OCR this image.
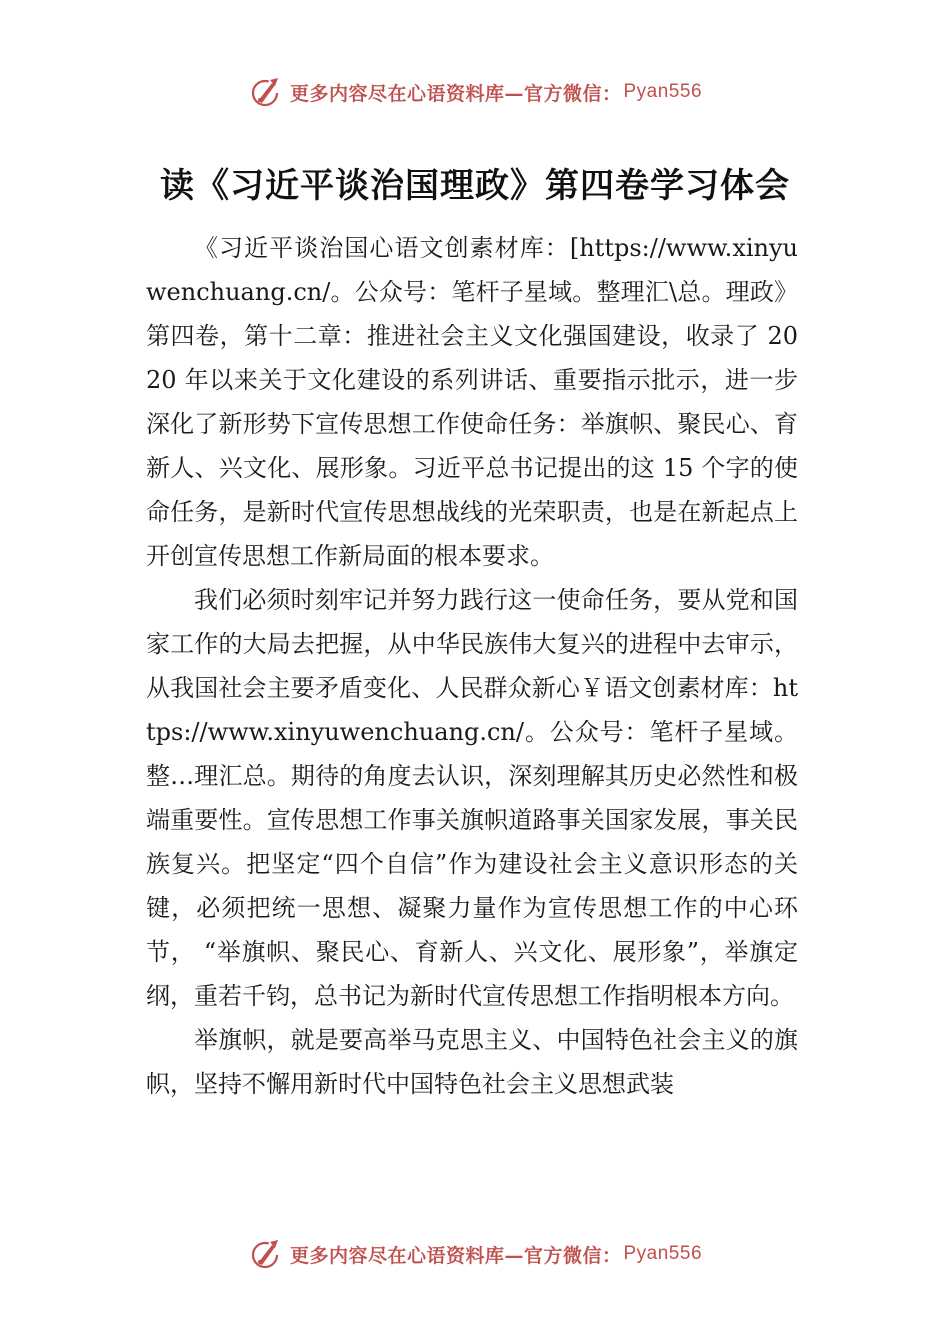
更多内容尽在心语资料库—官方微信： Pyan556
读《习近平谈治国理政》第四卷学习体会

《习近平谈治国心语文创素材库：[https://www.xinyuwenchuang.cn/。公众号：笔杆子星域。整理汇\总。理政》第四卷，第十二章：推进社会主义文化强国建设，收录了 2020 年以来关于文化建设的系列讲话、重要指示批示，进一步深化了新形势下宣传思想工作使命任务：举旗帜、聚民心、育新人、兴文化、展形象。习近平总书记提出的这 15 个字的使命任务，是新时代宣传思想战线的光荣职责，也是在新起点上开创宣传思想工作新局面的根本要求。

我们必须时刻牢记并努力践行这一使命任务，要从党和国家工作的大局去把握，从中华民族伟大复兴的进程中去审示，从我国社会主要矛盾变化、人民群众新心￥语文创素材库：https://www.xinyuwenchuang.cn/。公众号：笔杆子星域。整…理汇总。期待的角度去认识，深刻理解其历史必然性和极端重要性。宣传思想工作事关旗帜道路事关国家发展，事关民族复兴。把坚定“四个自信”作为建设社会主义意识形态的关键，必须把统一思想、凝聚力量作为宣传思想工作的中心环节， “举旗帜、聚民心、育新人、兴文化、展形象”，举旗定纲，重若千钧，总书记为新时代宣传思想工作指明根本方向。

举旗帜，就是要高举马克思主义、中国特色社会主义的旗帜，坚持不懈用新时代中国特色社会主义思想武装

更多内容尽在心语资料库—官方微信： Pyan556
